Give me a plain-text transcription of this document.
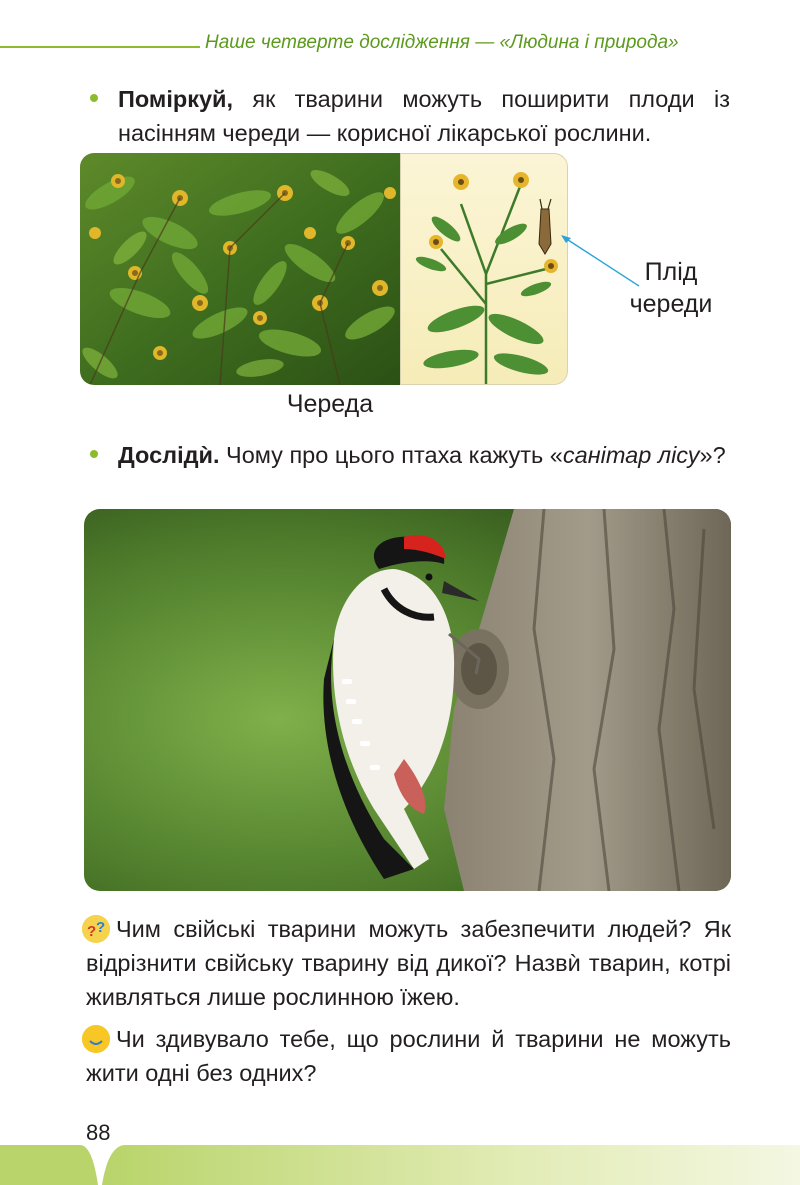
Наше четверте дослідження — «Людина і природа»
Поміркуй, як тварини можуть поширити плоди із насінням череди — корисної лікарської рослини.
Плід
череди
Череда
Дослідѝ. Чому про цього птаха кажуть «санітар лісу»?
? ? Чим свійські тварини можуть забезпечити людей? Як відрізнити свійську тварину від дикої? Назвѝ тварин, котрі живляться лише рослинною їжею.
Чи здивувало тебе, що рослини й тварини не можуть жити одні без одних?
88
